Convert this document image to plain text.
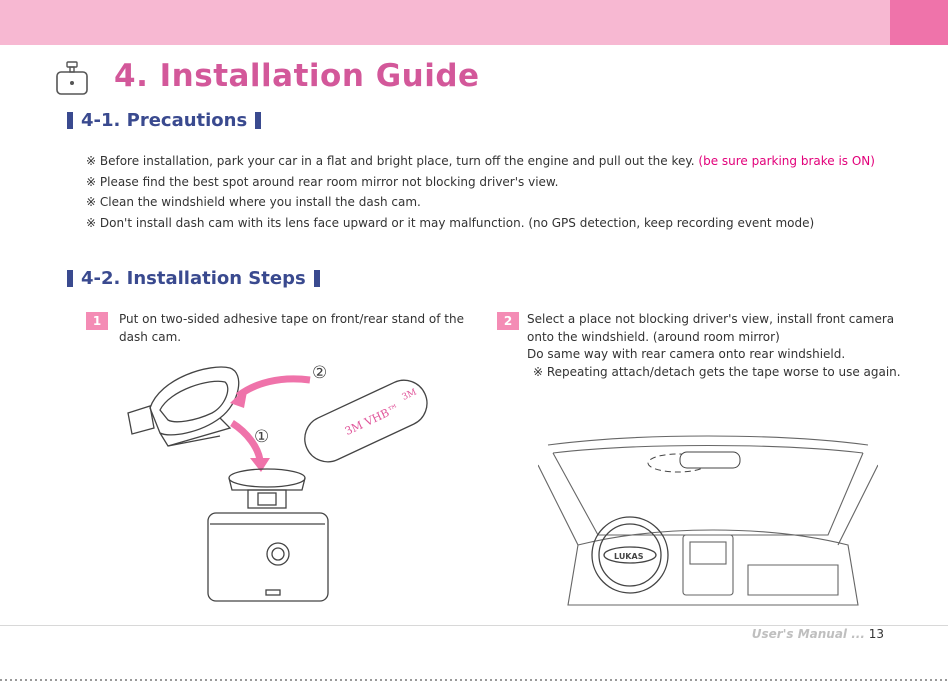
4. Installation Guide
4-1. Precautions
※ Before installation, park your car in a flat and bright place, turn off the engine and pull out the key. (be sure parking brake is ON)
※ Please find the best spot around rear room mirror not blocking driver's view.
※ Clean the windshield where you install the dash cam.
※ Don't install dash cam with its lens face upward or it may malfunction. (no GPS detection, keep recording event mode)
4-2. Installation Steps
1	Put on two-sided adhesive tape on front/rear stand of the
dash cam.
2	Select a place not blocking driver's view, install front camera
onto the windshield. (around room mirror)
Do same way with rear camera onto rear windshield.
※ Repeating attach/detach gets the tape worse to use again.
3M VHB™
3M
②
①
LUKAS
User's Manual ... 13
